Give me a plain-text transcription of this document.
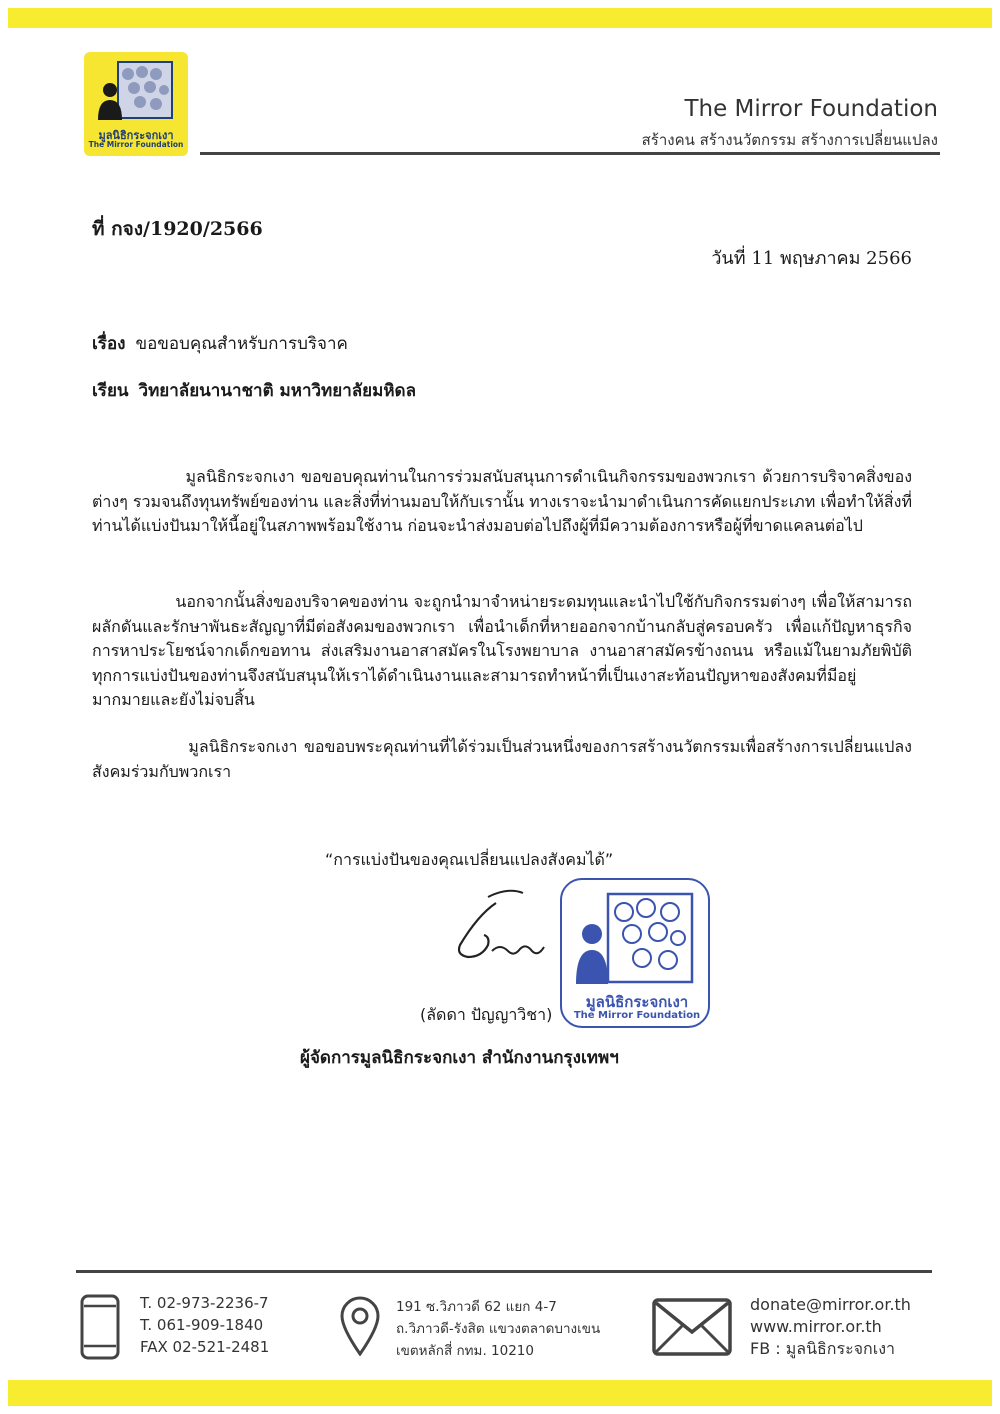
มูลนิธิกระจกเงา
The Mirror Foundation
The Mirror Foundation
สร้างคน สร้างนวัตกรรม สร้างการเปลี่ยนแปลง
ที่ กจง/1920/2566
วันที่ 11 พฤษภาคม 2566
เรื่อง ขอขอบคุณสำหรับการบริจาค
เรียน วิทยาลัยนานาชาติ มหาวิทยาลัยมหิดล
มูลนิธิกระจกเงา ขอขอบคุณท่านในการร่วมสนับสนุนการดำเนินกิจกรรมของพวกเรา ด้วยการบริจาคสิ่งของต่างๆ รวมจนถึงทุนทรัพย์ของท่าน และสิ่งที่ท่านมอบให้กับเรานั้น ทางเราจะนำมาดำเนินการคัดแยกประเภท เพื่อทำให้สิ่งที่ท่านได้แบ่งปันมาให้นี้อยู่ในสภาพพร้อมใช้งาน ก่อนจะนำส่งมอบต่อไปถึงผู้ที่มีความต้องการหรือผู้ที่ขาดแคลนต่อไป
นอกจากนั้นสิ่งของบริจาคของท่าน จะถูกนำมาจำหน่ายระดมทุนและนำไปใช้กับกิจกรรมต่างๆ เพื่อให้สามารถผลักดันและรักษาพันธะสัญญาที่มีต่อสังคมของพวกเรา เพื่อนำเด็กที่หายออกจากบ้านกลับสู่ครอบครัว เพื่อแก้ปัญหาธุรกิจการหาประโยชน์จากเด็กขอทาน ส่งเสริมงานอาสาสมัครในโรงพยาบาล งานอาสาสมัครข้างถนน หรือแม้ในยามภัยพิบัติ ทุกการแบ่งปันของท่านจึงสนับสนุนให้เราได้ดำเนินงานและสามารถทำหน้าที่เป็นเงาสะท้อนปัญหาของสังคมที่มีอยู่มากมายและยังไม่จบสิ้น
มูลนิธิกระจกเงา ขอขอบพระคุณท่านที่ได้ร่วมเป็นส่วนหนึ่งของการสร้างนวัตกรรมเพื่อสร้างการเปลี่ยนแปลงสังคมร่วมกับพวกเรา
“การแบ่งปันของคุณเปลี่ยนแปลงสังคมได้”
มูลนิธิกระจกเงา
The Mirror Foundation
(ลัดดา ปัญญาวิชา)
ผู้จัดการมูลนิธิกระจกเงา สำนักงานกรุงเทพฯ
T. 02-973-2236-7
T. 061-909-1840
FAX 02-521-2481
191 ซ.วิภาวดี 62 แยก 4-7
ถ.วิภาวดี-รังสิต แขวงตลาดบางเขน
เขตหลักสี่ กทม. 10210
donate@mirror.or.th
www.mirror.or.th
FB : มูลนิธิกระจกเงา
